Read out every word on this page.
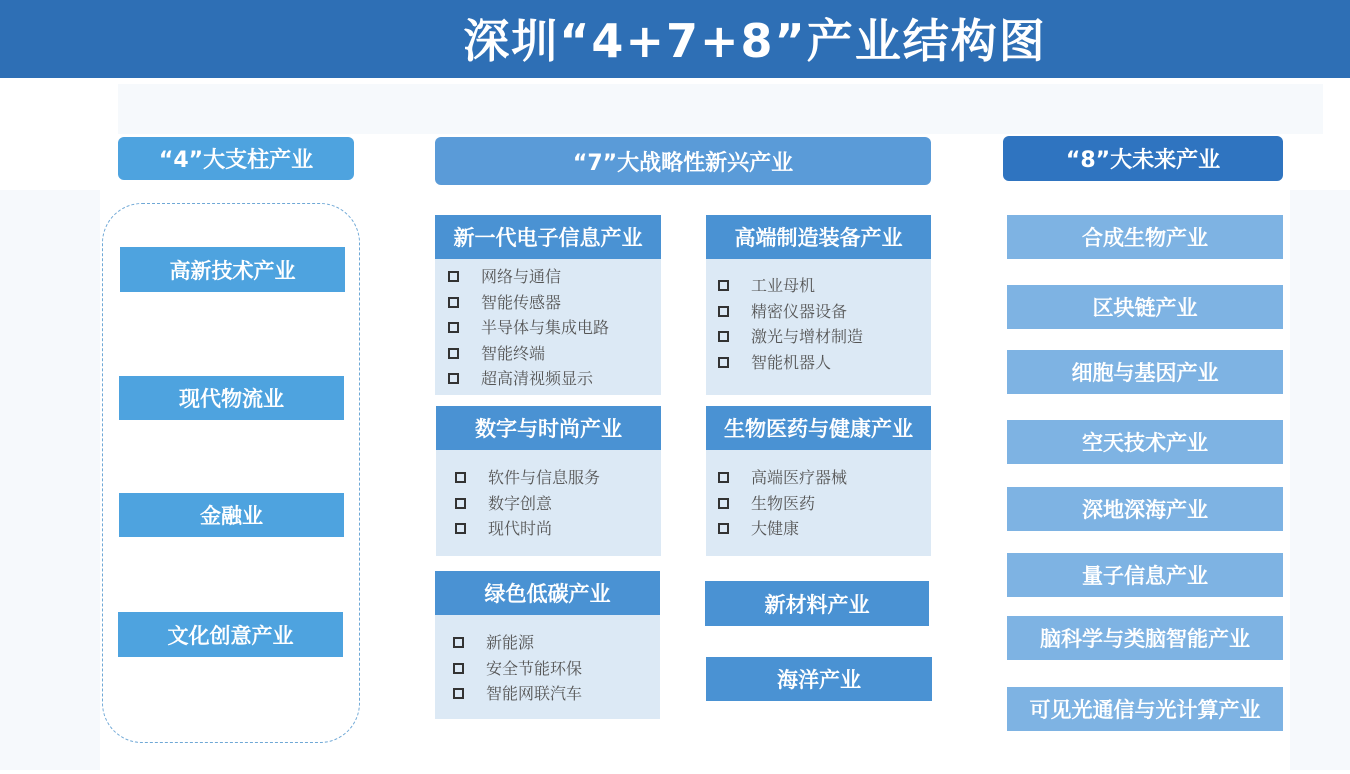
深圳“4+7+8”产业结构图
“4”大支柱产业
高新技术产业
现代物流业
金融业
文化创意产业
“7”大战略性新兴产业
新一代电子信息产业
网络与通信
智能传感器
半导体与集成电路
智能终端
超高清视频显示
高端制造装备产业
工业母机
精密仪器设备
激光与增材制造
智能机器人
数字与时尚产业
软件与信息服务
数字创意
现代时尚
生物医药与健康产业
高端医疗器械
生物医药
大健康
绿色低碳产业
新能源
安全节能环保
智能网联汽车
新材料产业
海洋产业
“8”大未来产业
合成生物产业
区块链产业
细胞与基因产业
空天技术产业
深地深海产业
量子信息产业
脑科学与类脑智能产业
可见光通信与光计算产业
